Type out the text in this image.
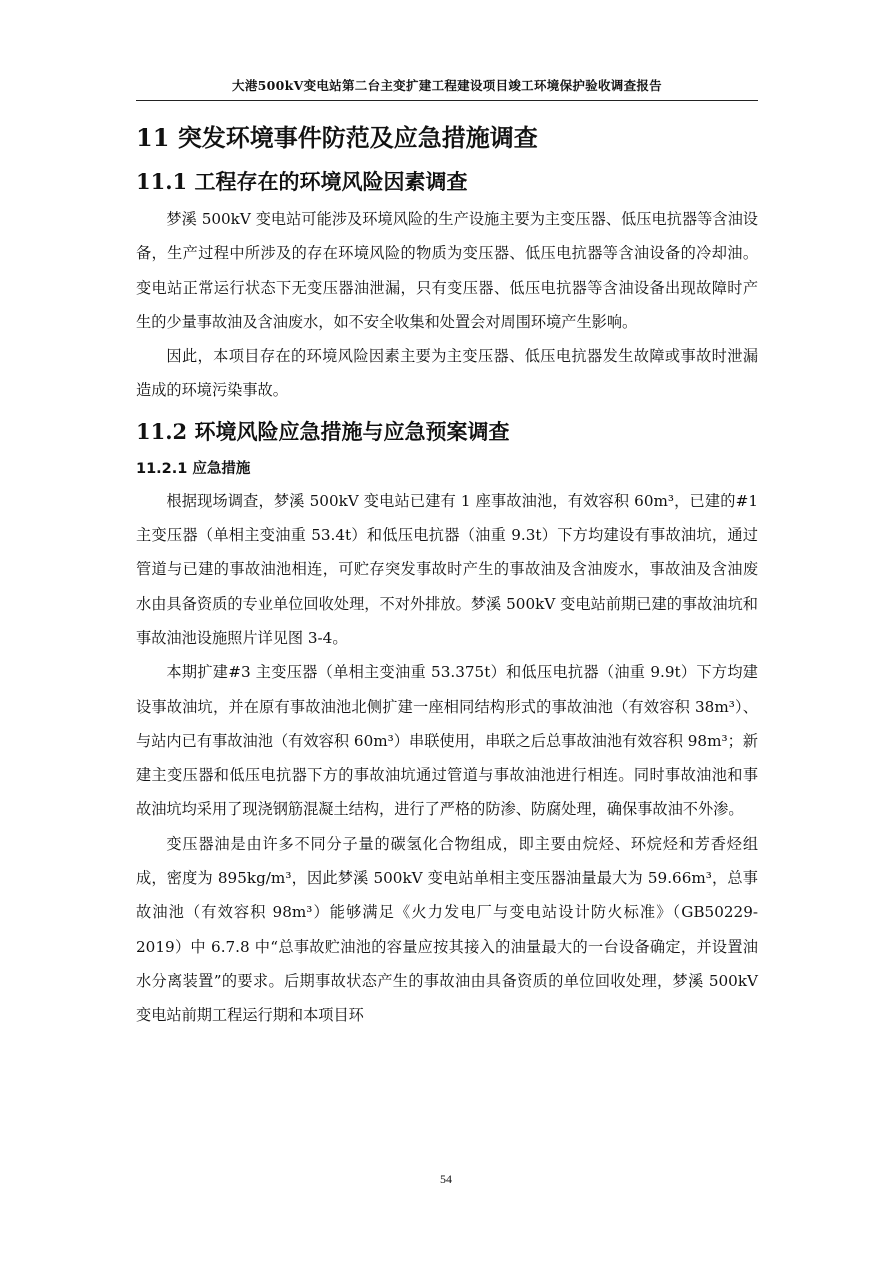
大港500kV变电站第二台主变扩建工程建设项目竣工环境保护验收调查报告
11 突发环境事件防范及应急措施调查
11.1 工程存在的环境风险因素调查

梦溪 500kV 变电站可能涉及环境风险的生产设施主要为主变压器、低压电抗器等含油设备，生产过程中所涉及的存在环境风险的物质为变压器、低压电抗器等含油设备的冷却油。变电站正常运行状态下无变压器油泄漏，只有变压器、低压电抗器等含油设备出现故障时产生的少量事故油及含油废水，如不安全收集和处置会对周围环境产生影响。

因此，本项目存在的环境风险因素主要为主变压器、低压电抗器发生故障或事故时泄漏造成的环境污染事故。

11.2 环境风险应急措施与应急预案调查
11.2.1 应急措施

根据现场调查，梦溪 500kV 变电站已建有 1 座事故油池，有效容积 60m³，已建的#1 主变压器（单相主变油重 53.4t）和低压电抗器（油重 9.3t）下方均建设有事故油坑，通过管道与已建的事故油池相连，可贮存突发事故时产生的事故油及含油废水，事故油及含油废水由具备资质的专业单位回收处理，不对外排放。梦溪 500kV 变电站前期已建的事故油坑和事故油池设施照片详见图 3-4。

本期扩建#3 主变压器（单相主变油重 53.375t）和低压电抗器（油重 9.9t）下方均建设事故油坑，并在原有事故油池北侧扩建一座相同结构形式的事故油池（有效容积 38m³）、与站内已有事故油池（有效容积 60m³）串联使用，串联之后总事故油池有效容积 98m³；新建主变压器和低压电抗器下方的事故油坑通过管道与事故油池进行相连。同时事故油池和事故油坑均采用了现浇钢筋混凝土结构，进行了严格的防渗、防腐处理，确保事故油不外渗。

变压器油是由许多不同分子量的碳氢化合物组成，即主要由烷烃、环烷烃和芳香烃组成，密度为 895kg/m³，因此梦溪 500kV 变电站单相主变压器油量最大为 59.66m³，总事故油池（有效容积 98m³）能够满足《火力发电厂与变电站设计防火标准》（GB50229-2019）中 6.7.8 中“总事故贮油池的容量应按其接入的油量最大的一台设备确定，并设置油水分离装置”的要求。后期事故状态产生的事故油由具备资质的单位回收处理，梦溪 500kV 变电站前期工程运行期和本项目环

54
